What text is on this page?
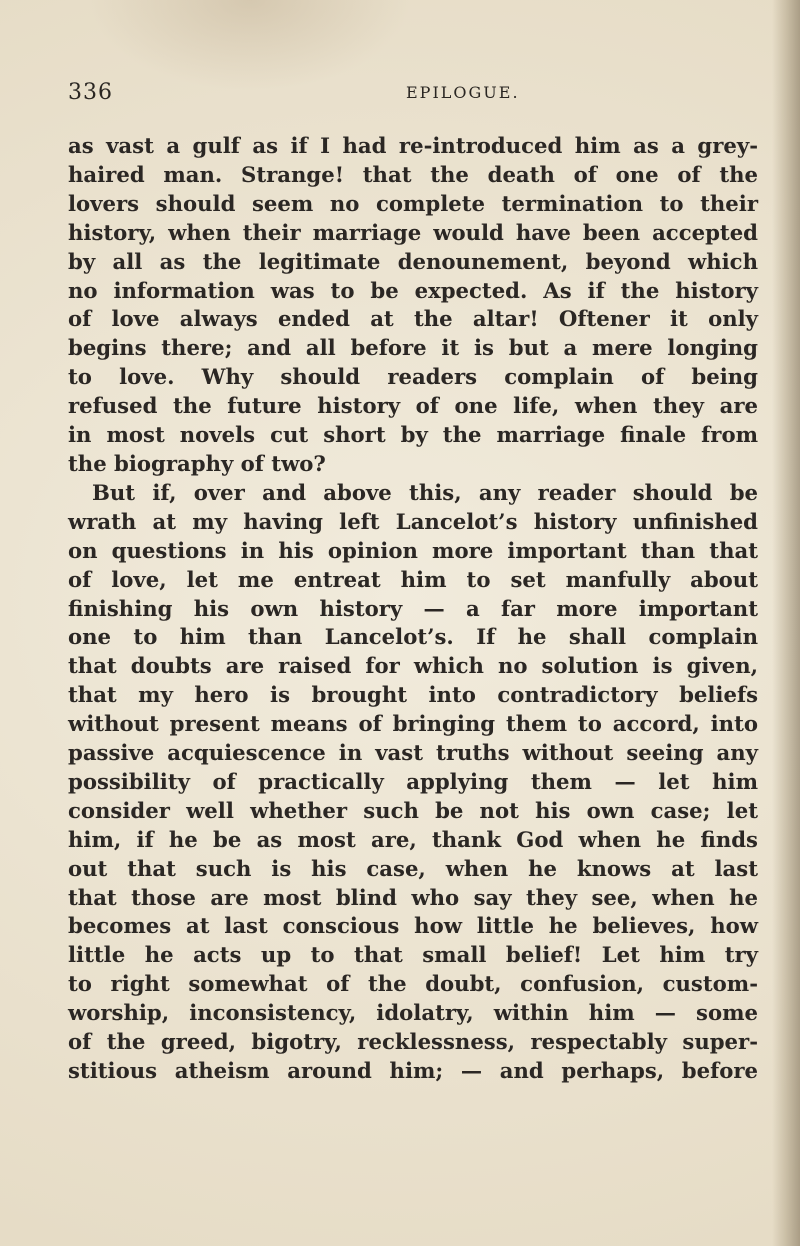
336	EPILOGUE.
as vast a gulf as if I had re-introduced him as a grey-
haired man. Strange! that the death of one of the
lovers should seem no complete termination to their
history, when their marriage would have been accepted
by all as the legitimate denounement, beyond which
no information was to be expected. As if the history
of love always ended at the altar! Oftener it only
begins there; and all before it is but a mere longing
to love. Why should readers complain of being
refused the future history of one life, when they are
in most novels cut short by the marriage finale from
the biography of two?
But if, over and above this, any reader should be
wrath at my having left Lancelot’s history unfinished
on questions in his opinion more important than that
of love, let me entreat him to set manfully about
finishing his own history — a far more important
one to him than Lancelot’s. If he shall complain
that doubts are raised for which no solution is given,
that my hero is brought into contradictory beliefs
without present means of bringing them to accord, into
passive acquiescence in vast truths without seeing any
possibility of practically applying them — let him
consider well whether such be not his own case; let
him, if he be as most are, thank God when he finds
out that such is his case, when he knows at last
that those are most blind who say they see, when he
becomes at last conscious how little he believes, how
little he acts up to that small belief! Let him try
to right somewhat of the doubt, confusion, custom-
worship, inconsistency, idolatry, within him — some
of the greed, bigotry, recklessness, respectably super-
stitious atheism around him; — and perhaps, before
